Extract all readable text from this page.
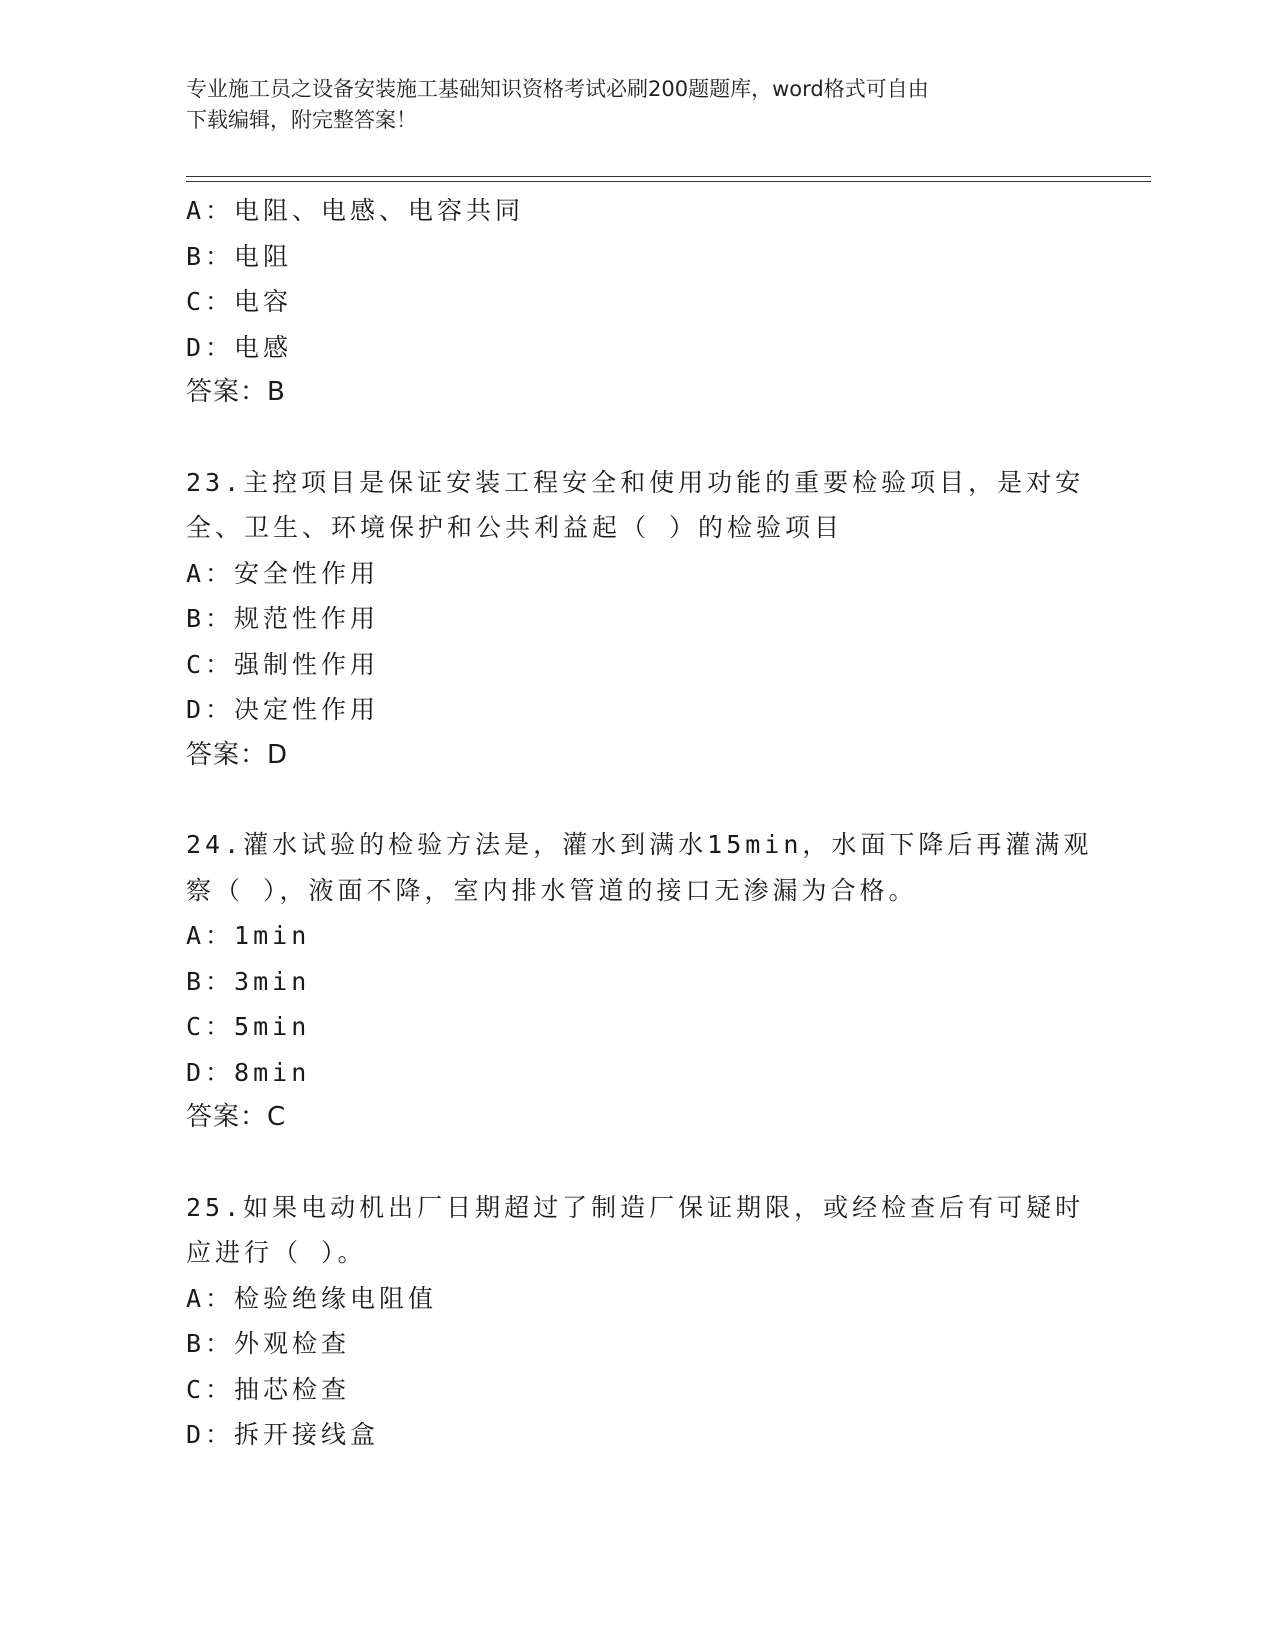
专业施工员之设备安装施工基础知识资格考试必刷200题题库，word格式可自由
下载编辑，附完整答案！
A：电阻、电感、电容共同
B：电阻
C：电容
D：电感
答案：B
23.主控项目是保证安装工程安全和使用功能的重要检验项目，是对安
全、卫生、环境保护和公共利益起（ ）的检验项目
A：安全性作用
B：规范性作用
C：强制性作用
D：决定性作用
答案：D
24.灌水试验的检验方法是，灌水到满水15min，水面下降后再灌满观
察（ ），液面不降，室内排水管道的接口无渗漏为合格。
A：1min
B：3min
C：5min
D：8min
答案：C
25.如果电动机出厂日期超过了制造厂保证期限，或经检查后有可疑时
应进行（ ）。
A：检验绝缘电阻值
B：外观检查
C：抽芯检查
D：拆开接线盒
